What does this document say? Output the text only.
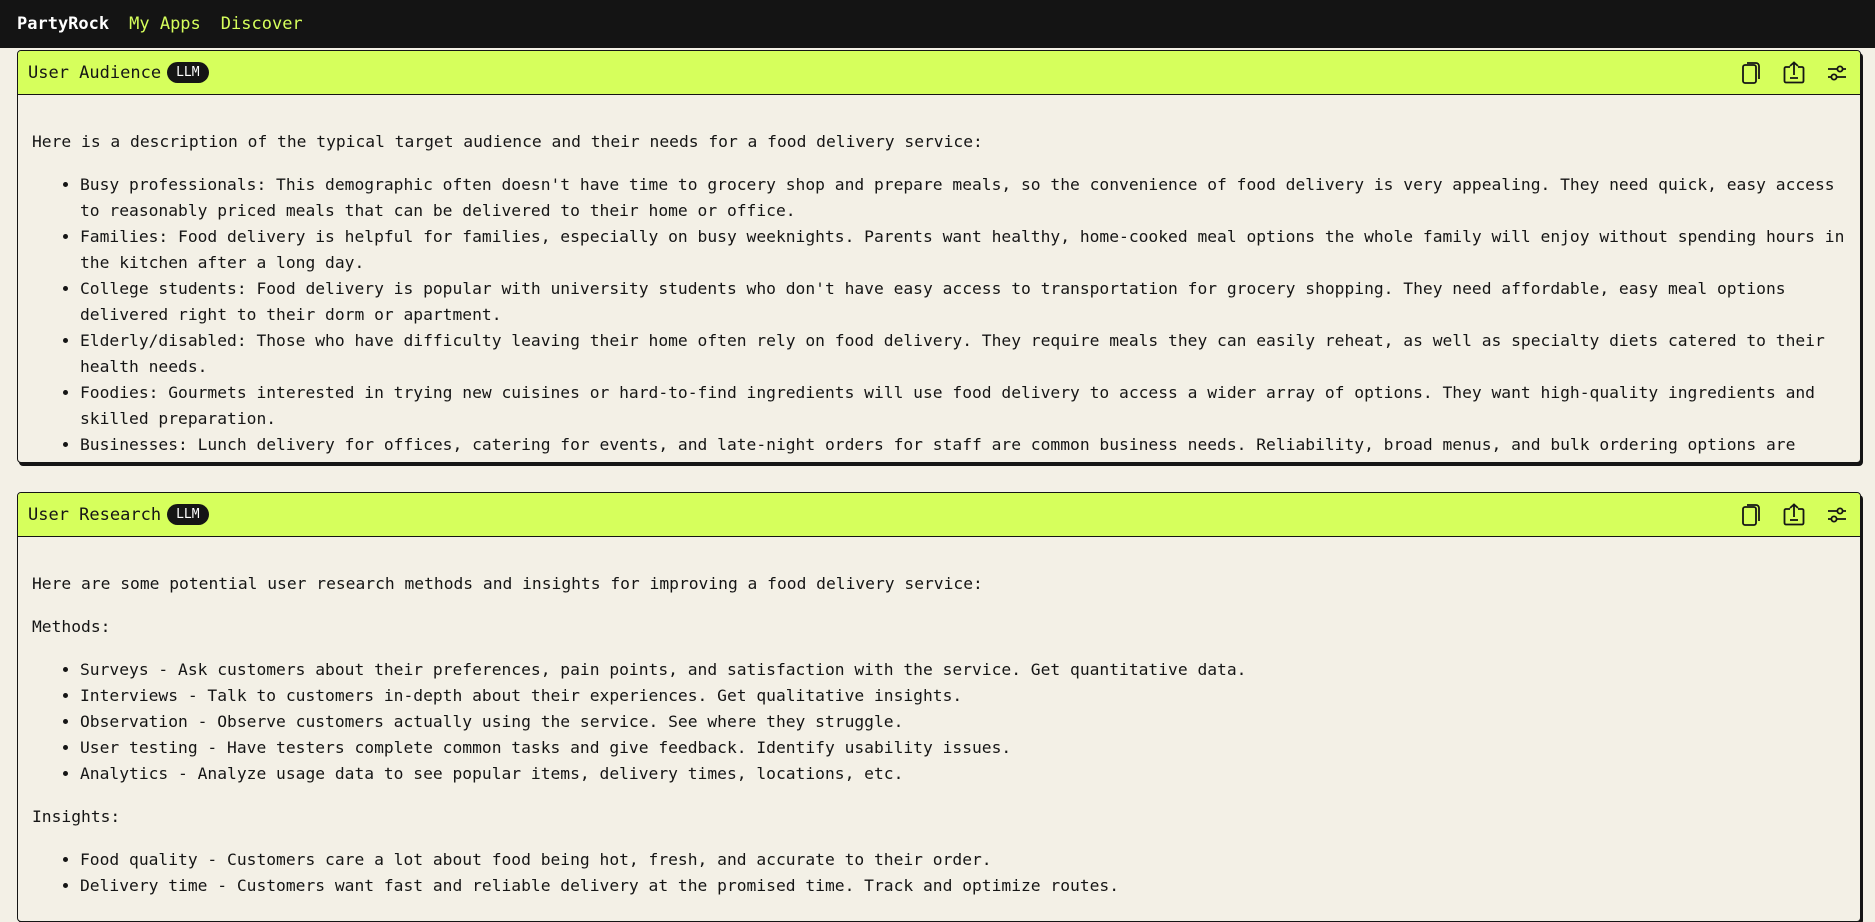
PartyRock My Apps Discover
User Audience	LLM

Here is a description of the typical target audience and their needs for a food delivery service:

• Busy professionals: This demographic often doesn't have time to grocery shop and prepare meals, so the convenience of food delivery is very appealing. They need quick, easy access to reasonably priced meals that can be delivered to their home or office.
• Families: Food delivery is helpful for families, especially on busy weeknights. Parents want healthy, home-cooked meal options the whole family will enjoy without spending hours in the kitchen after a long day.
• College students: Food delivery is popular with university students who don't have easy access to transportation for grocery shopping. They need affordable, easy meal options delivered right to their dorm or apartment.
• Elderly/disabled: Those who have difficulty leaving their home often rely on food delivery. They require meals they can easily reheat, as well as specialty diets catered to their health needs.
• Foodies: Gourmets interested in trying new cuisines or hard-to-find ingredients will use food delivery to access a wider array of options. They want high-quality ingredients and skilled preparation.
• Businesses: Lunch delivery for offices, catering for events, and late-night orders for staff are common business needs. Reliability, broad menus, and bulk ordering options are
User Research	LLM

Here are some potential user research methods and insights for improving a food delivery service:

Methods:

• Surveys - Ask customers about their preferences, pain points, and satisfaction with the service. Get quantitative data.
• Interviews - Talk to customers in-depth about their experiences. Get qualitative insights.
• Observation - Observe customers actually using the service. See where they struggle.
• User testing - Have testers complete common tasks and give feedback. Identify usability issues.
• Analytics - Analyze usage data to see popular items, delivery times, locations, etc.

Insights:

• Food quality - Customers care a lot about food being hot, fresh, and accurate to their order.
• Delivery time - Customers want fast and reliable delivery at the promised time. Track and optimize routes.
